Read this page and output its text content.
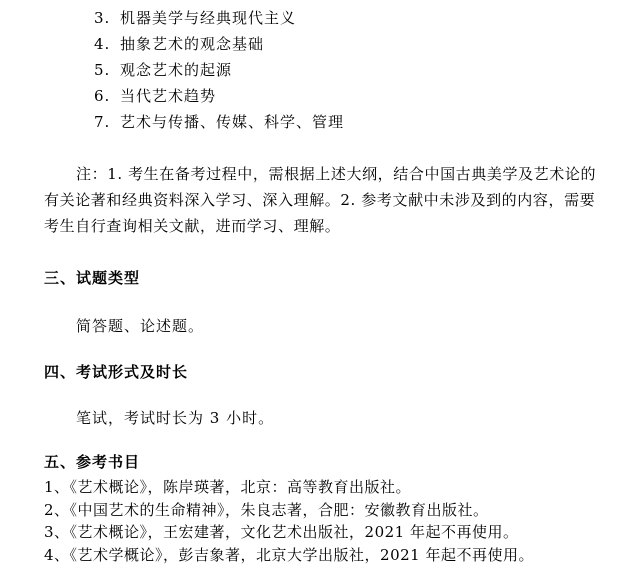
3. 机器美学与经典现代主义
4. 抽象艺术的观念基础
5. 观念艺术的起源
6. 当代艺术趋势
7. 艺术与传播、传媒、科学、管理
注：1. 考生在备考过程中，需根据上述大纲，结合中国古典美学及艺术论的
有关论著和经典资料深入学习、深入理解。2. 参考文献中未涉及到的内容，需要
考生自行查询相关文献，进而学习、理解。
三、试题类型
简答题、论述题。
四、考试形式及时长
笔试，考试时长为 3 小时。
五、参考书目
1、《艺术概论》，陈岸瑛著，北京：高等教育出版社。
2、《中国艺术的生命精神》，朱良志著，合肥：安徽教育出版社。
3、《艺术概论》，王宏建著，文化艺术出版社，2021 年起不再使用。
4、《艺术学概论》，彭吉象著，北京大学出版社，2021 年起不再使用。
